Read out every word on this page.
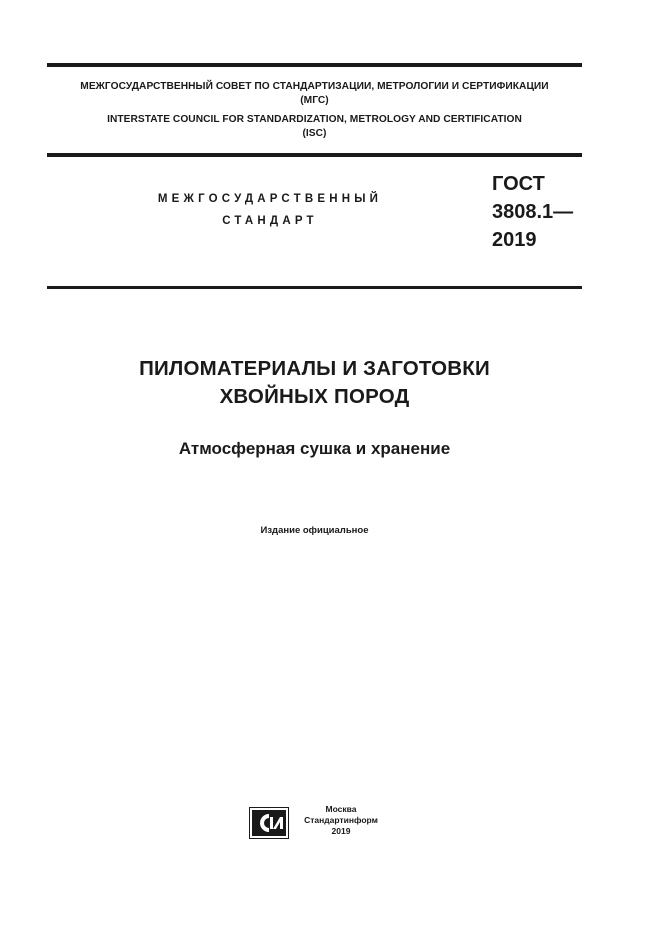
МЕЖГОСУДАРСТВЕННЫЙ СОВЕТ ПО СТАНДАРТИЗАЦИИ, МЕТРОЛОГИИ И СЕРТИФИКАЦИИ
(МГС)
INTERSTATE COUNCIL FOR STANDARDIZATION, METROLOGY AND CERTIFICATION
(ISC)
МЕЖГОСУДАРСТВЕННЫЙ
СТАНДАРТ
ГОСТ
3808.1—
2019
ПИЛОМАТЕРИАЛЫ И ЗАГОТОВКИ
ХВОЙНЫХ ПОРОД
Атмосферная сушка и хранение
Издание официальное
Москва
Стандартинформ
2019
